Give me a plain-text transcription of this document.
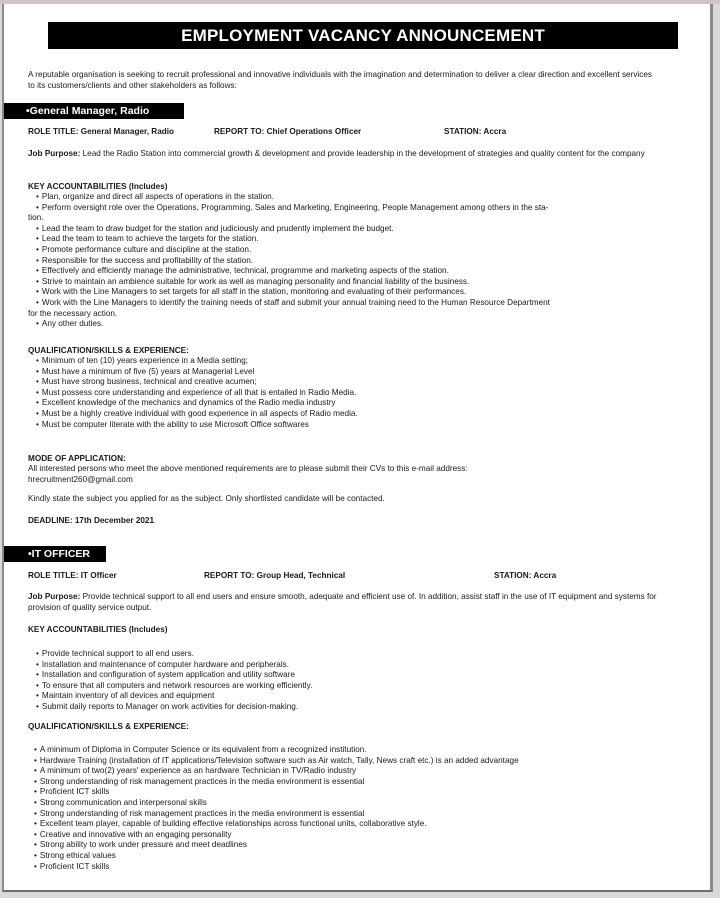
EMPLOYMENT VACANCY ANNOUNCEMENT
A reputable organisation is seeking to recruit professional and innovative individuals with the imagination and determination to deliver a clear direction and excellent services to its customers/clients and other stakeholders as follows:
•General Manager, Radio
ROLE TITLE: General Manager, Radio	REPORT TO: Chief Operations Officer	STATION: Accra
Job Purpose: Lead the Radio Station into commercial growth & development and provide leadership in the development of strategies and quality content for the company
KEY ACCOUNTABILITIES (Includes)
• Plan, organize and direct all aspects of operations in the station.
• Perform oversight role over the Operations, Programming, Sales and Marketing, Engineering, People Management among others in the sta-
tion.
• Lead the team to draw budget for the station and judiciously and prudently implement the budget.
• Lead the team to team to achieve the targets for the station.
• Promote performance culture and discipline at the station.
• Responsible for the success and profitability of the station.
• Effectively and efficiently manage the administrative, technical, programme and marketing aspects of the station.
• Strive to maintain an ambience suitable for work as well as managing personality and financial liability of the business.
• Work with the Line Managers to set targets for all staff in the station, monitoring and evaluating of their performances.
• Work with the Line Managers to identify the training needs of staff and submit your annual training need to the Human Resource Department
for the necessary action.
• Any other duties.
QUALIFICATION/SKILLS & EXPERIENCE:
• Minimum of ten (10) years experience in a Media setting;
• Must have a minimum of five (5) years at Managerial Level
• Must have strong business, technical and creative acumen;
• Must possess core understanding and experience of all that is entailed in Radio Media.
• Excellent knowledge of the mechanics and dynamics of the Radio media industry
• Must be a highly creative individual with good experience in all aspects of Radio media.
• Must be computer literate with the ability to use Microsoft Office softwares
MODE OF APPLICATION:
All interested persons who meet the above mentioned requirements are to please submit their CVs to this e-mail address:
hrecruitment260@gmail.com
Kindly state the subject you applied for as the subject. Only shortlisted candidate will be contacted.
DEADLINE: 17th December 2021
•IT OFFICER
ROLE TITLE: IT Officer	REPORT TO: Group Head, Technical	STATION: Accra
Job Purpose: Provide technical support to all end users and ensure smooth, adequate and efficient use of. In addition, assist staff in the use of IT equipment and systems for provision of quality service output.
KEY ACCOUNTABILITIES (Includes)
• Provide technical support to all end users.
• Installation and maintenance of computer hardware and peripherals.
• Installation and configuration of system application and utility software
• To ensure that all computers and network resources are working efficiently.
• Maintain inventory of all devices and equipment
• Submit daily reports to Manager on work activities for decision-making.
QUALIFICATION/SKILLS & EXPERIENCE:
• A minimum of Diploma in Computer Science or its equivalent from a recognized institution.
• Hardware Training (installation of IT applications/Television software such as Air watch, Tally, News craft etc.) is an added advantage
• A minimum of two(2) years' experience as an hardware Technician in TV/Radio industry
• Strong understanding of risk management practices in the media environment is essential
• Proficient ICT skills
• Strong communication and interpersonal skills
• Strong understanding of risk management practices in the media environment is essential
• Excellent team player, capable of building effective relationships across functional units, collaborative style.
• Creative and innovative with an engaging personality
• Strong ability to work under pressure and meet deadlines
• Strong ethical values
• Proficient ICT skills
